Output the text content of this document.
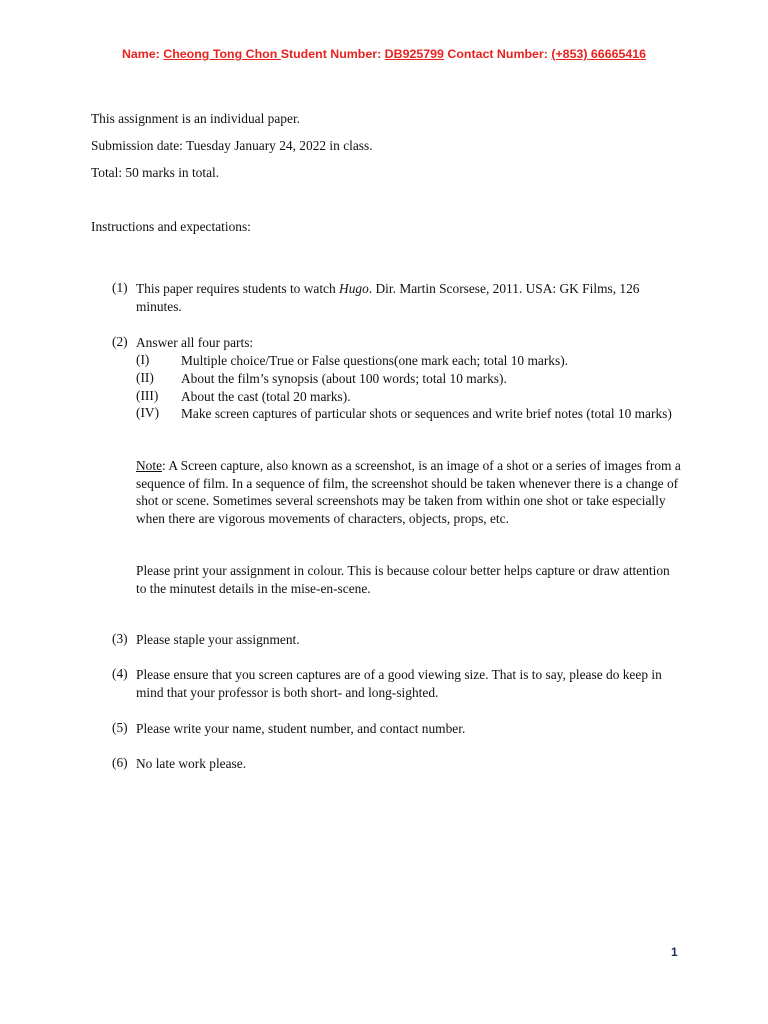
Name: Cheong Tong Chon Student Number: DB925799 Contact Number: (+853) 66665416
This assignment is an individual paper.
Submission date: Tuesday January 24, 2022 in class.
Total: 50 marks in total.
Instructions and expectations:
(1) This paper requires students to watch Hugo. Dir. Martin Scorsese, 2011. USA: GK Films, 126 minutes.
(2) Answer all four parts:
(I) Multiple choice/True or False questions(one mark each; total 10 marks).
(II) About the film’s synopsis (about 100 words; total 10 marks).
(III) About the cast (total 20 marks).
(IV) Make screen captures of particular shots or sequences and write brief notes (total 10 marks)
Note: A Screen capture, also known as a screenshot, is an image of a shot or a series of images from a sequence of film. In a sequence of film, the screenshot should be taken whenever there is a change of shot or scene. Sometimes several screenshots may be taken from within one shot or take especially when there are vigorous movements of characters, objects, props, etc.
Please print your assignment in colour. This is because colour better helps capture or draw attention to the minutest details in the mise-en-scene.
(3) Please staple your assignment.
(4) Please ensure that you screen captures are of a good viewing size. That is to say, please do keep in mind that your professor is both short- and long-sighted.
(5) Please write your name, student number, and contact number.
(6) No late work please.
1
